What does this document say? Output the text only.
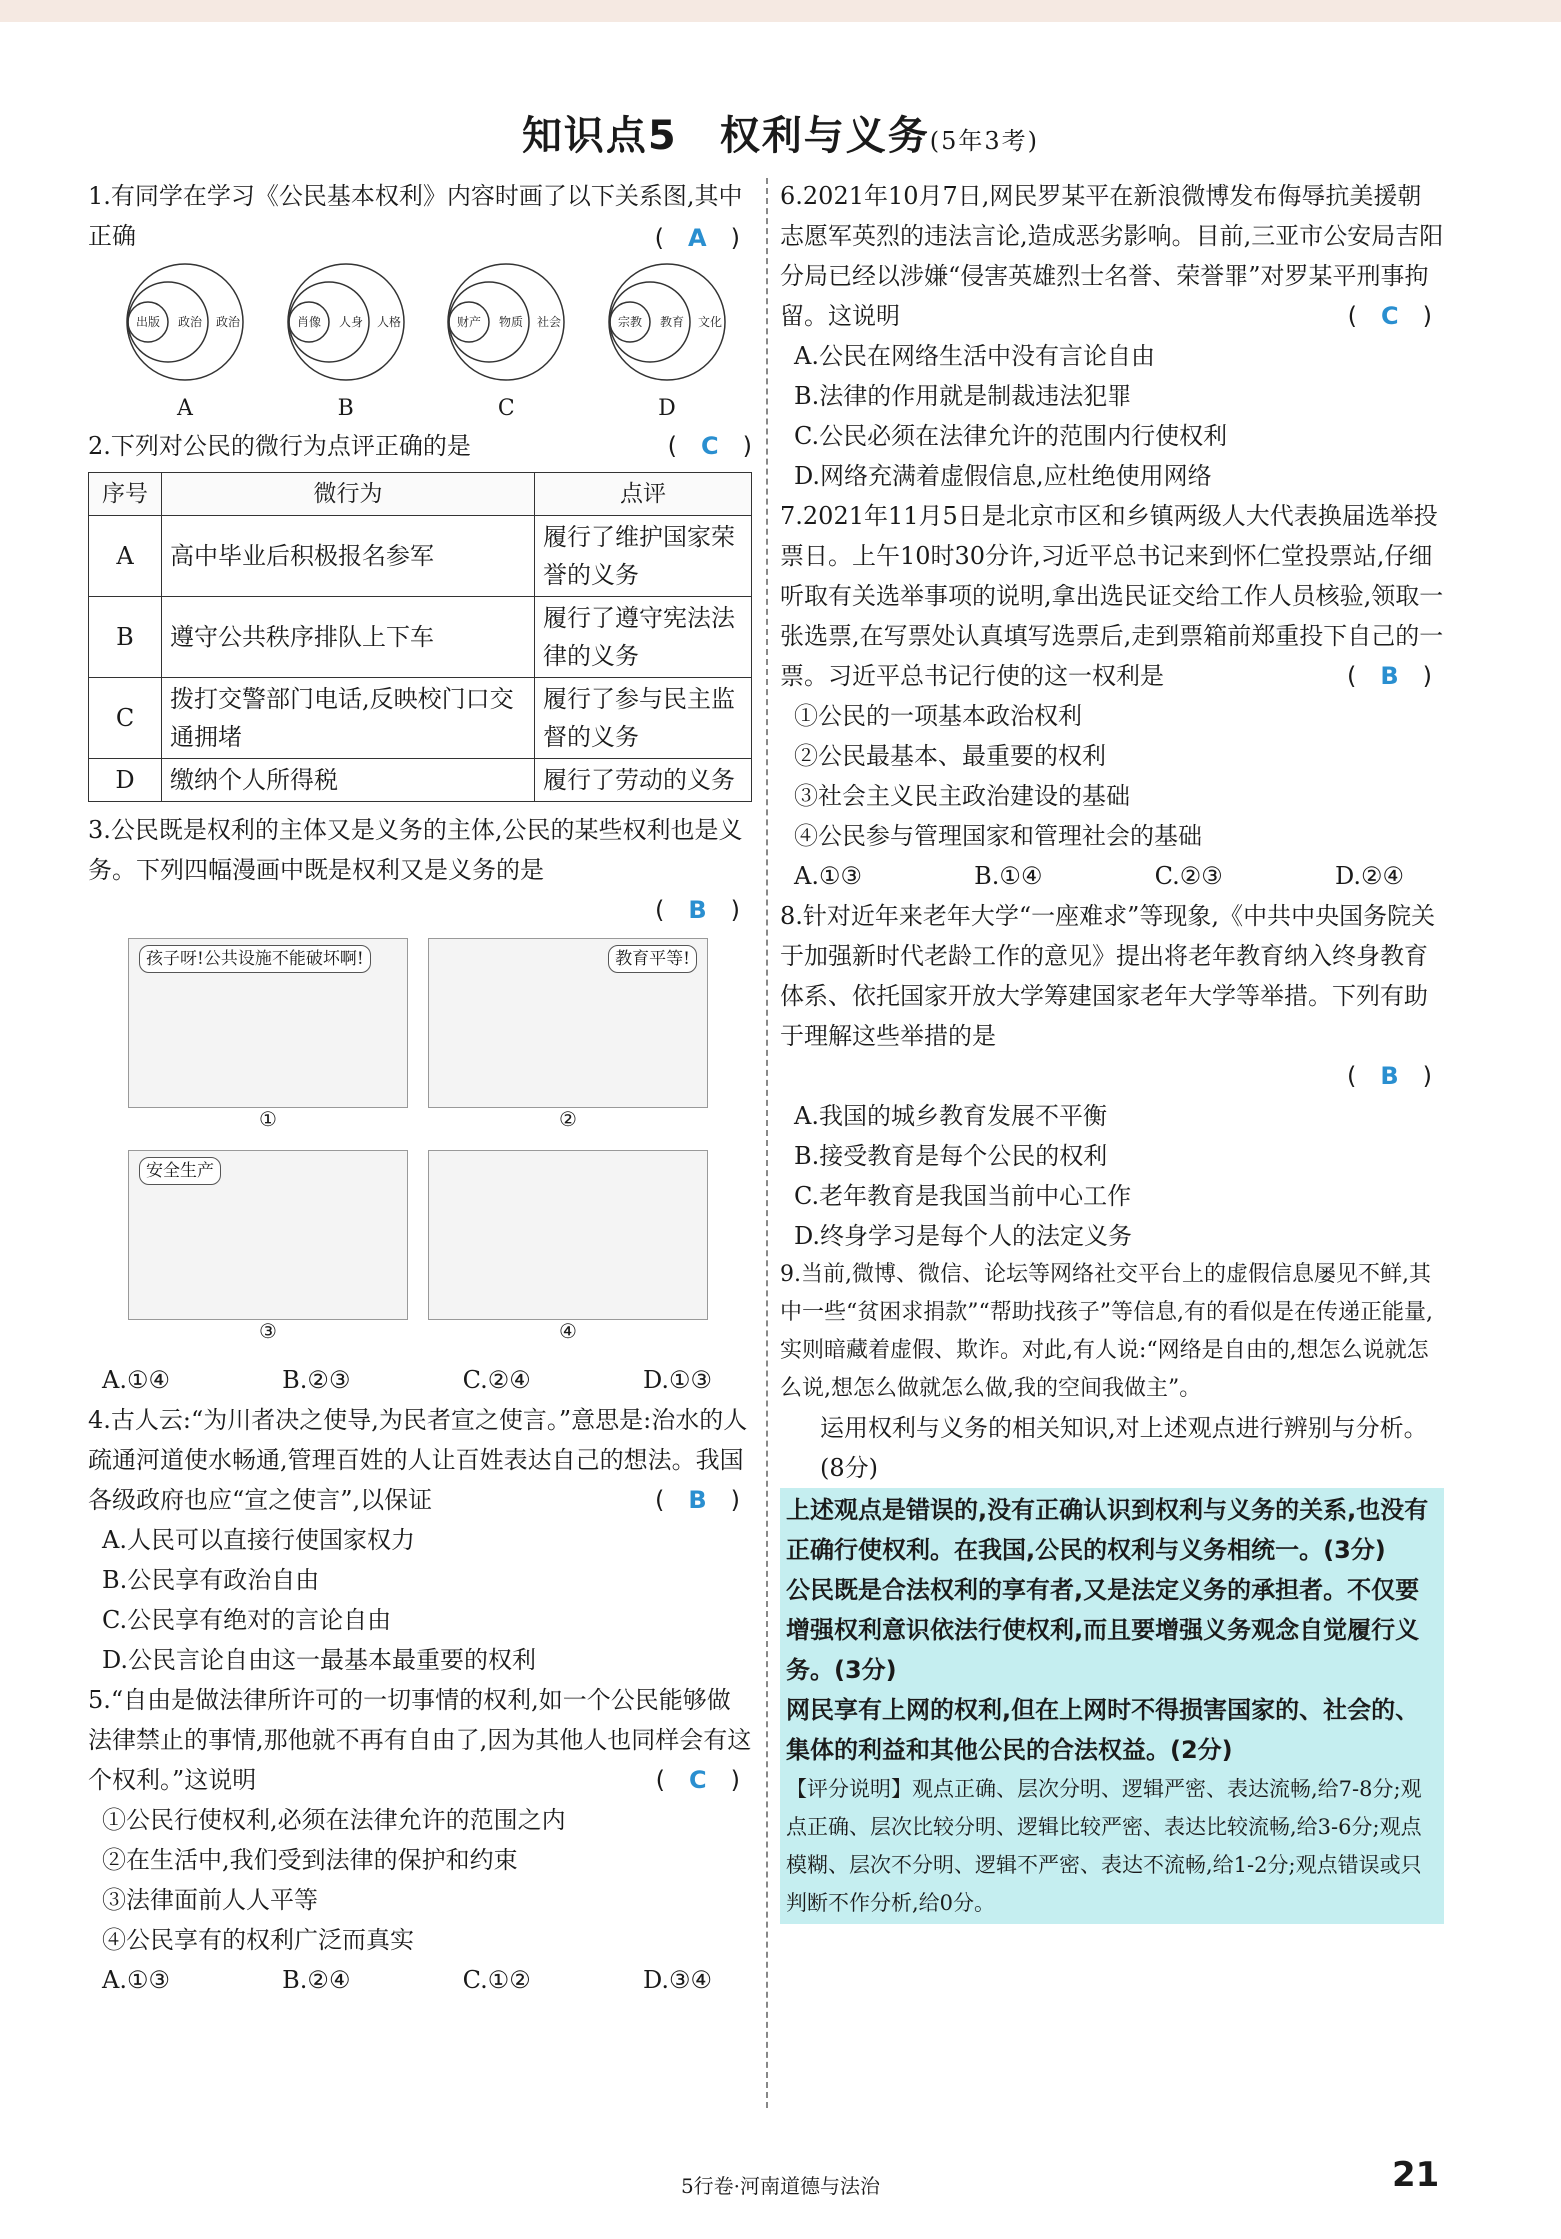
知识点5　权利与义务(5年3考)
1.有同学在学习《公民基本权利》内容时画了以下关系图,其中正确	(　A　)
出版 政治 政治
A
肖像 人身 人格
B
财产 物质 社会
C
宗教 教育 文化
D
(　C　)
2.下列对公民的微行为点评正确的是
序号	微行为	点评
A	高中毕业后积极报名参军	履行了维护国家荣誉的义务
B	遵守公共秩序排队上下车	履行了遵守宪法法律的义务
C	拨打交警部门电话,反映校门口交通拥堵	履行了参与民主监督的义务
D	缴纳个人所得税	履行了劳动的义务
3.公民既是权利的主体又是义务的主体,公民的某些权利也是义务。下列四幅漫画中既是权利又是义务的是
(　B　)
孩子呀!公共设施不能破坏啊!
①
教育平等!
②
安全生产
③	④
A.①④	B.②③	C.②④	D.①③
4.古人云:“为川者决之使导,为民者宣之使言。”意思是:治水的人疏通河道使水畅通,管理百姓的人让百姓表达自己的想法。我国各级政府也应“宣之使言”,以保证	(　B　)
A.人民可以直接行使国家权力
B.公民享有政治自由
C.公民享有绝对的言论自由
D.公民言论自由这一最基本最重要的权利
5.“自由是做法律所许可的一切事情的权利,如一个公民能够做法律禁止的事情,那他就不再有自由了,因为其他人也同样会有这个权利。”这说明	(　C　)
①公民行使权利,必须在法律允许的范围之内
②在生活中,我们受到法律的保护和约束
③法律面前人人平等
④公民享有的权利广泛而真实
A.①③	B.②④	C.①②	D.③④
6.2021年10月7日,网民罗某平在新浪微博发布侮辱抗美援朝志愿军英烈的违法言论,造成恶劣影响。目前,三亚市公安局吉阳分局已经以涉嫌“侵害英雄烈士名誉、荣誉罪”对罗某平刑事拘留。这说明	(　C　)
A.公民在网络生活中没有言论自由
B.法律的作用就是制裁违法犯罪
C.公民必须在法律允许的范围内行使权利
D.网络充满着虚假信息,应杜绝使用网络
7.2021年11月5日是北京市区和乡镇两级人大代表换届选举投票日。上午10时30分许,习近平总书记来到怀仁堂投票站,仔细听取有关选举事项的说明,拿出选民证交给工作人员核验,领取一张选票,在写票处认真填写选票后,走到票箱前郑重投下自己的一票。习近平总书记行使的这一权利是	(　B　)
①公民的一项基本政治权利
②公民最基本、最重要的权利
③社会主义民主政治建设的基础
④公民参与管理国家和管理社会的基础
A.①③	B.①④	C.②③	D.②④
8.针对近年来老年大学“一座难求”等现象,《中共中央国务院关于加强新时代老龄工作的意见》提出将老年教育纳入终身教育体系、依托国家开放大学筹建国家老年大学等举措。下列有助于理解这些举措的是
(　B　)
A.我国的城乡教育发展不平衡
B.接受教育是每个公民的权利
C.老年教育是我国当前中心工作
D.终身学习是每个人的法定义务
9.当前,微博、微信、论坛等网络社交平台上的虚假信息屡见不鲜,其中一些“贫困求捐款”“帮助找孩子”等信息,有的看似是在传递正能量,实则暗藏着虚假、欺诈。对此,有人说:“网络是自由的,想怎么说就怎么说,想怎么做就怎么做,我的空间我做主”。
运用权利与义务的相关知识,对上述观点进行辨别与分析。(8分)

上述观点是错误的,没有正确认识到权利与义务的关系,也没有正确行使权利。在我国,公民的权利与义务相统一。(3分)

公民既是合法权利的享有者,又是法定义务的承担者。不仅要增强权利意识依法行使权利,而且要增强义务观念自觉履行义务。(3分)

网民享有上网的权利,但在上网时不得损害国家的、社会的、集体的利益和其他公民的合法权益。(2分)

【评分说明】观点正确、层次分明、逻辑严密、表达流畅,给7-8分;观点正确、层次比较分明、逻辑比较严密、表达比较流畅,给3-6分;观点模糊、层次不分明、逻辑不严密、表达不流畅,给1-2分;观点错误或只判断不作分析,给0分。

5行卷·河南道德与法治	21
